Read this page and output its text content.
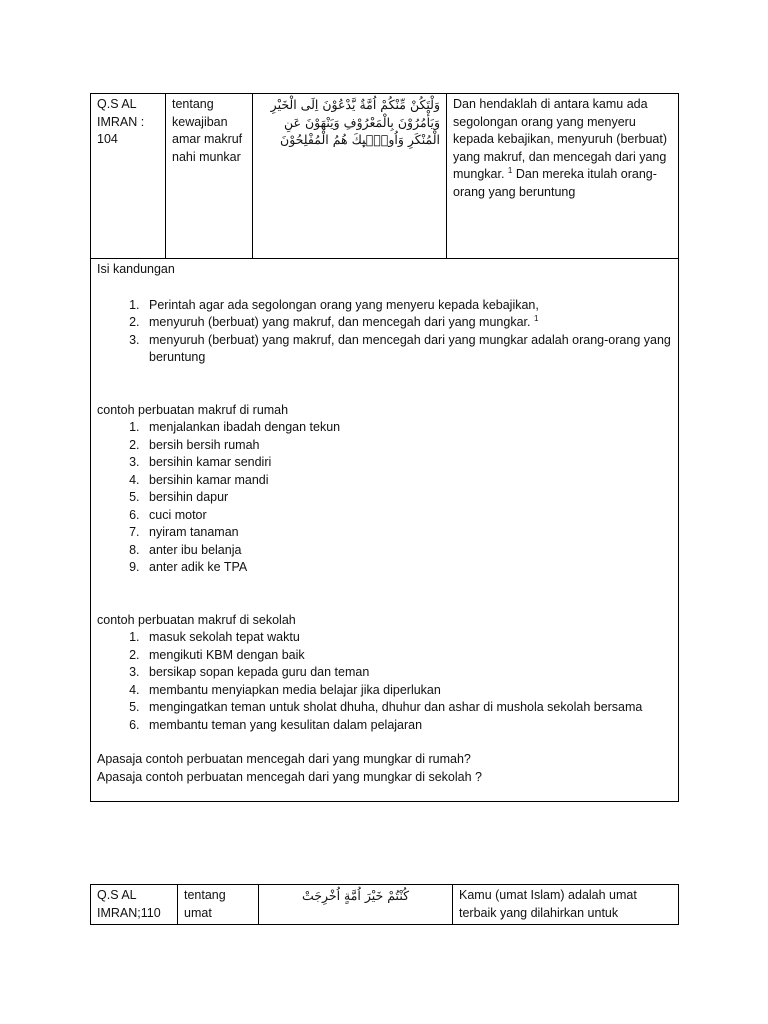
Q.S AL IMRAN : 104	tentang kewajiban amar makruf nahi munkar	وَلْتَكُنْ مِّنْكُمْ اُمَّةٌ يَّدْعُوْنَ اِلَى الْخَيْرِ وَيَأْمُرُوْنَ بِالْمَعْرُوْفِ وَيَنْهَوْنَ عَنِ الْمُنْكَرِ وَاُولٰۤىِٕكَ هُمُ الْمُفْلِحُوْنَ	Dan hendaklah di antara kamu ada segolongan orang yang menyeru kepada kebajikan, menyuruh (berbuat) yang makruf, dan mencegah dari yang mungkar. $^1$ Dan mereka itulah orang-orang yang beruntung

Isi kandungan

1. Perintah agar ada segolongan orang yang menyeru kepada kebajikan,
2. menyuruh (berbuat) yang makruf, dan mencegah dari yang mungkar. $^1$
3. menyuruh (berbuat) yang makruf, dan mencegah dari yang mungkar adalah orang-orang yang beruntung

contoh perbuatan makruf di rumah

1. menjalankan ibadah dengan tekun
2. bersih bersih rumah
3. bersihin kamar sendiri
4. bersihin kamar mandi
5. bersihin dapur
6. cuci motor
7. nyiram tanaman
8. anter ibu belanja
9. anter adik ke TPA

contoh perbuatan makruf di sekolah

1. masuk sekolah tepat waktu
2. mengikuti KBM dengan baik
3. bersikap sopan kepada guru dan teman
4. membantu menyiapkan media belajar jika diperlukan
5. mengingatkan teman untuk sholat dhuha, dhuhur dan ashar di mushola sekolah bersama
6. membantu teman yang kesulitan dalam pelajaran

Apasaja contoh perbuatan mencegah dari yang mungkar di rumah?

Apasaja contoh perbuatan mencegah dari yang mungkar di sekolah ?

Q.S AL IMRAN;110	tentang umat	كُنْتُمْ خَيْرَ اُمَّةٍ اُخْرِجَتْ	Kamu (umat Islam) adalah umat terbaik yang dilahirkan untuk
